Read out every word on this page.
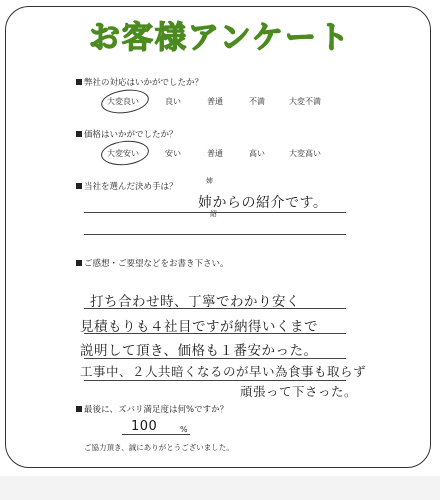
お客様アンケート
弊社の対応はいかがでしたか？
大変良い	良い	普通	不満	大変不満
価格はいかがでしたか？
大変安い	安い	普通	高い	大変高い
当社を選んだ決め手は？
姉
姉からの紹介です。
紹
ご感想・ご要望などをお書き下さい。
打ち合わせ時、丁寧でわかり安く
見積もりも４社目ですが納得いくまで
説明して頂き、価格も１番安かった。
工事中、２人共暗くなるのが早い為食事も取らず
頑張って下さった。
最後に、ズバリ満足度は何%ですか？
100	%
ご協力頂き、誠にありがとうございました。
